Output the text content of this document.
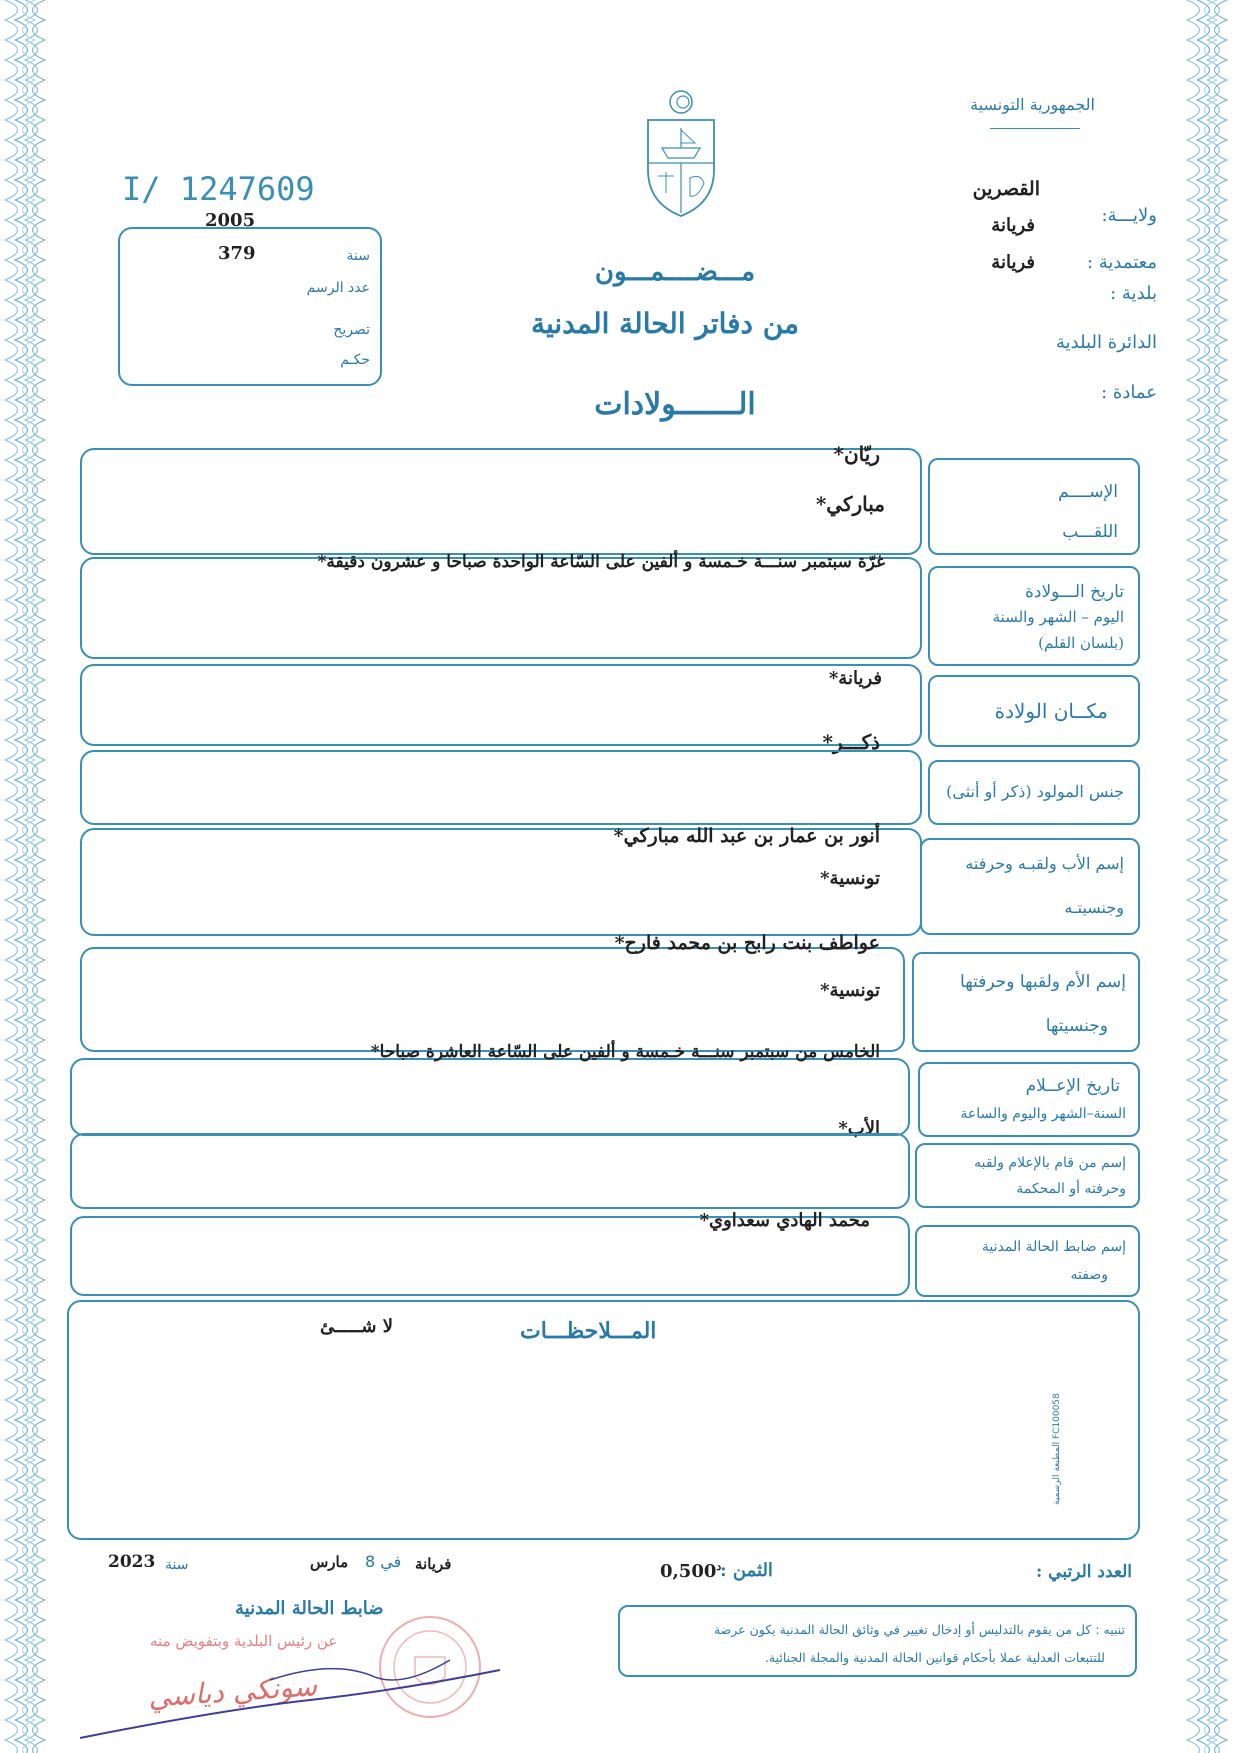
الجمهورية التونسية
القصرين
ولايـــة:
فريانة
معتمدية :
فريانة
بلدية :
الدائرة البلدية
عمادة :
I/ 1247609
2005
سنة
379
عدد الرسم
تصريح
حكـم
مـــضــــمـــون
من دفاتر الحالة المدنية
الـــــــولادات
الإســــم
اللقـــب
ريّان*
مباركي*
تاريخ الـــولادة
اليوم – الشهر والسنة
(بلسان القلم)
غرّة سبتمبر سنـــة خـمسة و ألفين على السّاعة الواحدة صباحا و عشرون دقيقة*
مكــان الولادة
فريانة*
ذكـــر*
جنس المولود (ذكر أو أنثى)
إسم الأب ولقبـه وحرفته
وجنسيتـه
أنور بن عمار بن عبد الله مباركي*
تونسية*
إسم الأم ولقبها وحرفتها
وجنسيتها
عواطف بنت رابح بن محمد فارح*
تونسية*
تاريخ الإعــلام
السنة–الشهر واليوم والساعة
الخامس من سبتمبر سنـــة خـمسة و ألفين على السّاعة العاشرة صباحا*
الأب*
إسم من قام بالإعلام ولقبه
وحرفته أو المحكمة
إسم ضابط الحالة المدنية
وصفته
محمد الهادي سعداوي*
المـــلاحظـــات
لا شـــــئ
المطبعة الرسمية FC100058
العدد الرتبي :
الثمن :
$0,500^د$
فريانة
في 8
مارس
سنة
2023
ضابط الحالة المدنية
تنبيه : كل من يقوم بالتدليس أو إدخال تغيير في وثائق الحالة المدنية يكون عرضة
للتتبعات العدلية عملا بأحكام قوانين الحالة المدنية والمجلة الجنائية.
عن رئيس البلدية وبتفويض منه
سونكي دياسي
